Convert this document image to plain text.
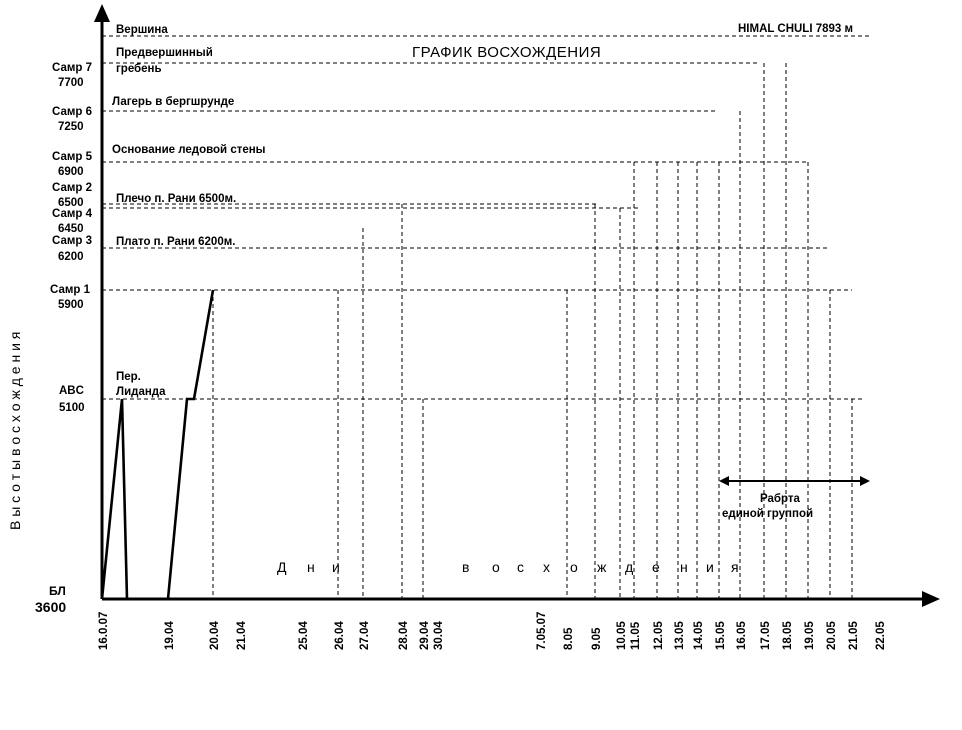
ABC
5100
Самр 1
5900
Самр 3
6200
Самр 4
6450
Самр 2
6500
Самр 5
6900
Самр 6
7250
Самр 7
7700
БЛ
3600
Пер.
Лиданда
Плато п. Рани 6200м.
Плечо п. Рани 6500м.
Основание ледовой стены
Лагерь в бергшрунде
Предвершинный
гребень
Вершина
16.0.07	19.04	20.04 21.04	25.04 26.04 27.04 28.04 29.04 30.04	7.05.07 8.05 9.05 10.05 11.05 12.05 13.05 14.05 15.05 16.05 17.05 18.05 19.05 20.05 21.05 22.05
ГРАФИК ВОСХОЖДЕНИЯ
HIMAL CHULI 7893 м
В ы с о т ы в о с х о ж д е н и я
Д н и	в о с х о ж д е н и я
Рабрта
единой группой
